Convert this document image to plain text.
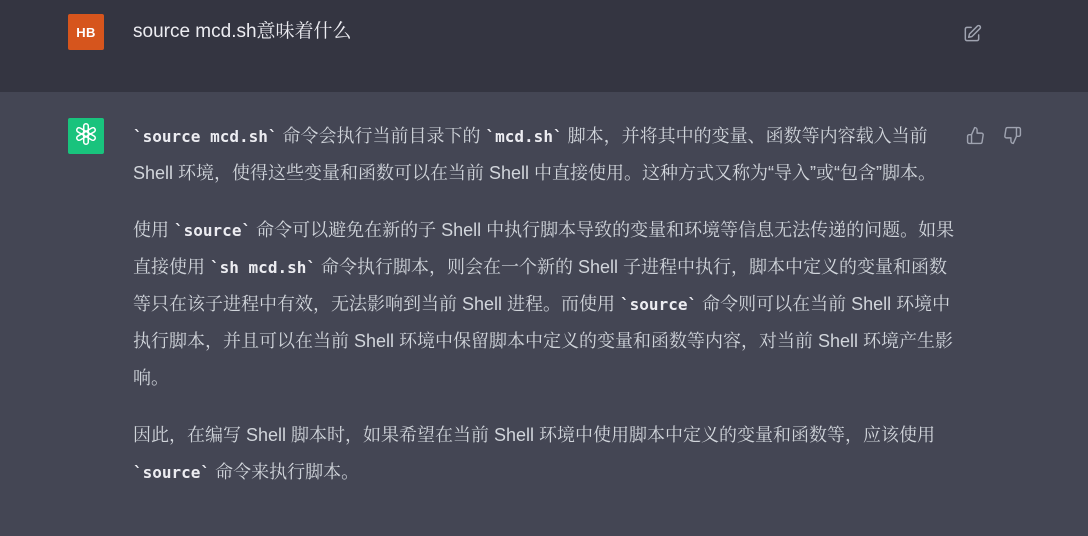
HB source mcd.sh意味着什么

`source mcd.sh` 命令会执行当前目录下的 `mcd.sh` 脚本，并将其中的变量、函数等内容载入当前 Shell 环境，使得这些变量和函数可以在当前 Shell 中直接使用。这种方式又称为“导入”或“包含”脚本。

使用 `source` 命令可以避免在新的子 Shell 中执行脚本导致的变量和环境等信息无法传递的问题。如果直接使用 `sh mcd.sh` 命令执行脚本，则会在一个新的 Shell 子进程中执行，脚本中定义的变量和函数等只在该子进程中有效，无法影响到当前 Shell 进程。而使用 `source` 命令则可以在当前 Shell 环境中执行脚本，并且可以在当前 Shell 环境中保留脚本中定义的变量和函数等内容，对当前 Shell 环境产生影响。

因此，在编写 Shell 脚本时，如果希望在当前 Shell 环境中使用脚本中定义的变量和函数等，应该使用 `source` 命令来执行脚本。
